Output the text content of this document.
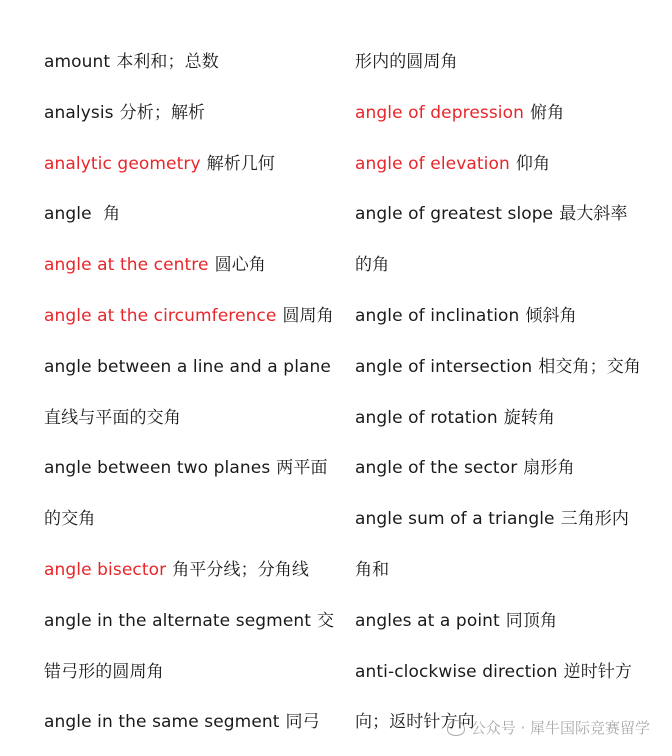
amount 本利和；总数
analysis 分析；解析
analytic geometry 解析几何
angle 角
angle at the centre 圆心角
angle at the circumference 圆周角
angle between a line and a plane
直线与平面的交角
angle between two planes 两平面
的交角
angle bisector 角平分线；分角线
angle in the alternate segment 交
错弓形的圆周角
angle in the same segment 同弓
形内的圆周角
angle of depression 俯角
angle of elevation 仰角
angle of greatest slope 最大斜率
的角
angle of inclination 倾斜角
angle of intersection 相交角；交角
angle of rotation 旋转角
angle of the sector 扇形角
angle sum of a triangle 三角形内
角和
angles at a point 同顶角
anti-clockwise direction 逆时针方
向；返时针方向
公众号 · 犀牛国际竞赛留学
